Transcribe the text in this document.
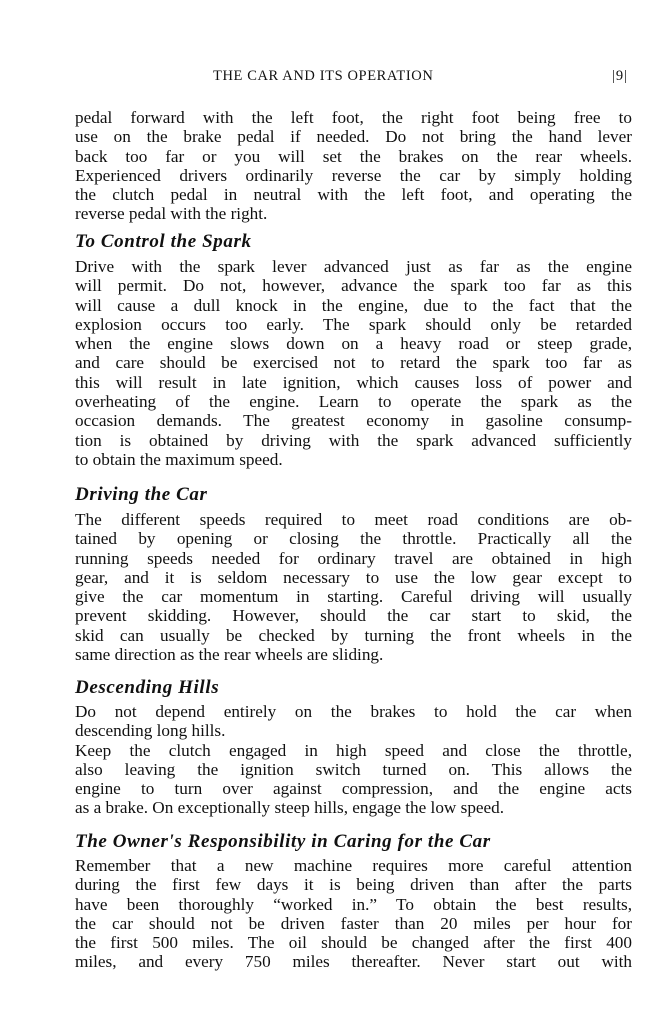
THE CAR AND ITS OPERATION	|9|
pedal forward with the left foot, the right foot being free to
use on the brake pedal if needed. Do not bring the hand lever
back too far or you will set the brakes on the rear wheels.
Experienced drivers ordinarily reverse the car by simply holding
the clutch pedal in neutral with the left foot, and operating the
reverse pedal with the right.
To Control the Spark
Drive with the spark lever advanced just as far as the engine
will permit. Do not, however, advance the spark too far as this
will cause a dull knock in the engine, due to the fact that the
explosion occurs too early. The spark should only be retarded
when the engine slows down on a heavy road or steep grade,
and care should be exercised not to retard the spark too far as
this will result in late ignition, which causes loss of power and
overheating of the engine. Learn to operate the spark as the
occasion demands. The greatest economy in gasoline consump-
tion is obtained by driving with the spark advanced sufficiently
to obtain the maximum speed.
Driving the Car
The different speeds required to meet road conditions are ob-
tained by opening or closing the throttle. Practically all the
running speeds needed for ordinary travel are obtained in high
gear, and it is seldom necessary to use the low gear except to
give the car momentum in starting. Careful driving will usually
prevent skidding. However, should the car start to skid, the
skid can usually be checked by turning the front wheels in the
same direction as the rear wheels are sliding.
Descending Hills
Do not depend entirely on the brakes to hold the car when
descending long hills.
Keep the clutch engaged in high speed and close the throttle,
also leaving the ignition switch turned on. This allows the
engine to turn over against compression, and the engine acts
as a brake. On exceptionally steep hills, engage the low speed.
The Owner's Responsibility in Caring for the Car
Remember that a new machine requires more careful attention
during the first few days it is being driven than after the parts
have been thoroughly “worked in.” To obtain the best results,
the car should not be driven faster than 20 miles per hour for
the first 500 miles. The oil should be changed after the first 400
miles, and every 750 miles thereafter. Never start out with
